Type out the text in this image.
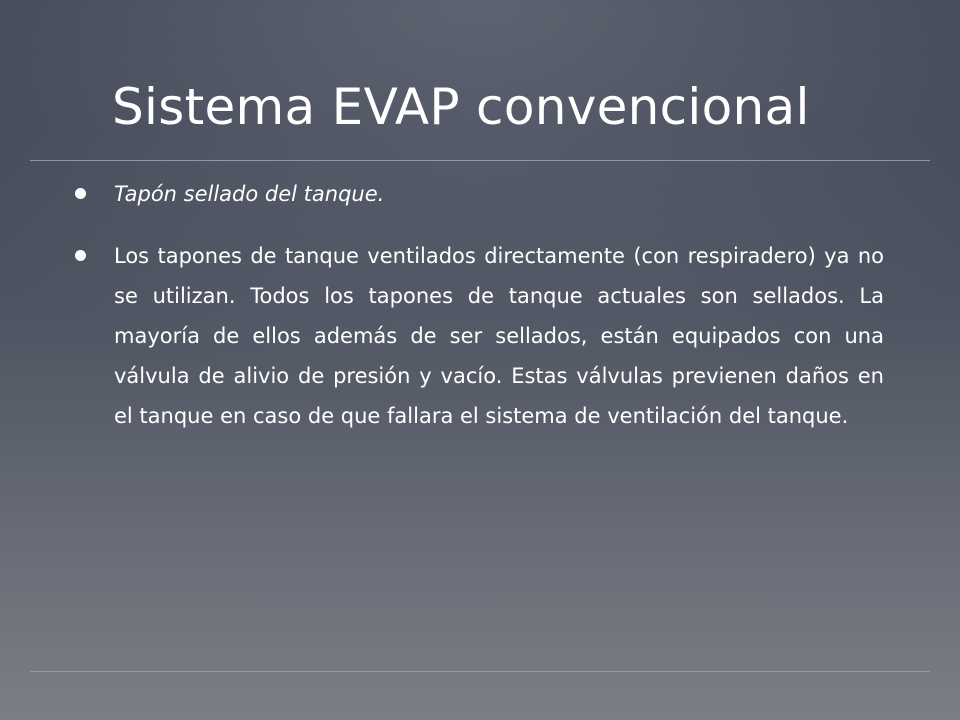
Sistema EVAP convencional
Tapón sellado del tanque.
Los tapones de tanque ventilados directamente (con respiradero) ya no se utilizan. Todos los tapones de tanque actuales son sellados. La mayoría de ellos además de ser sellados, están equipados con una válvula de alivio de presión y vacío. Estas válvulas previenen daños en el tanque en caso de que fallara el sistema de ventilación del tanque.
